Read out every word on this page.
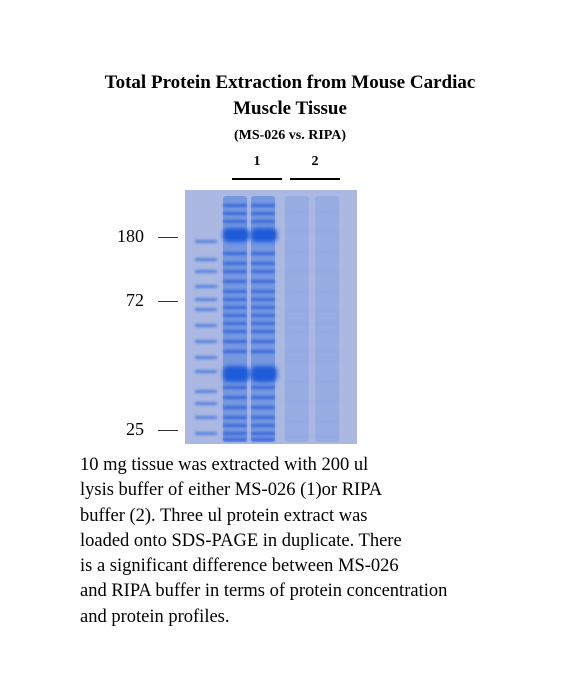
Total Protein Extraction from Mouse Cardiac
Muscle Tissue
(MS-026 vs. RIPA)
1	2
180
72
25
10 mg tissue was extracted with 200 ul
lysis buffer of either MS-026 (1)or RIPA
buffer (2). Three ul protein extract was
loaded onto SDS-PAGE in duplicate. There
is a significant difference between MS-026
and RIPA buffer in terms of protein concentration
and protein profiles.
